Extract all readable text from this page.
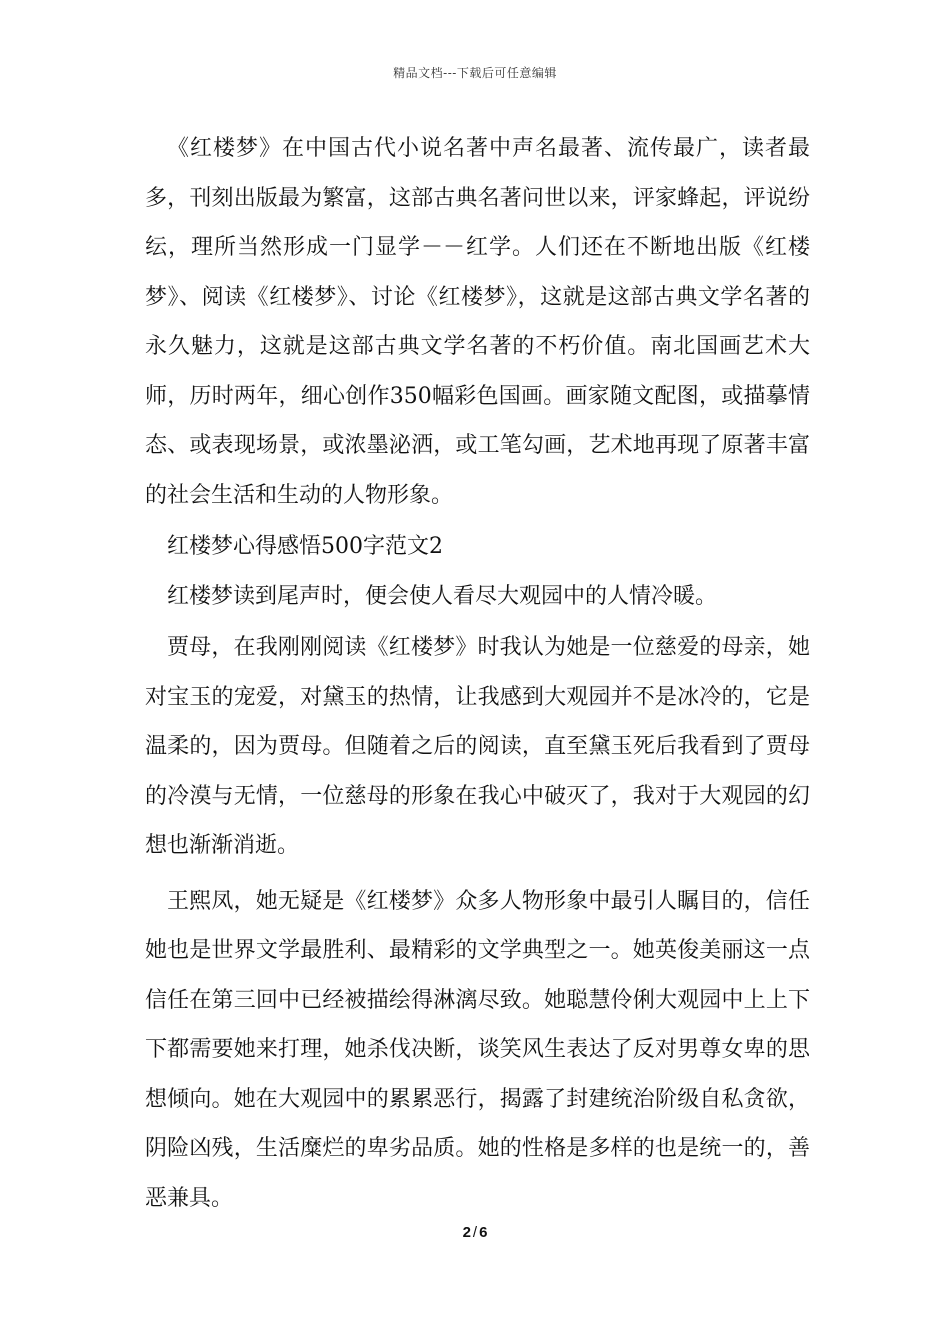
精品文档---下载后可任意编辑

《红楼梦》在中国古代小说名著中声名最著、流传最广，读者最多，刊刻出版最为繁富，这部古典名著问世以来，评家蜂起，评说纷纭，理所当然形成一门显学－－红学。人们还在不断地出版《红楼梦》、阅读《红楼梦》、讨论《红楼梦》，这就是这部古典文学名著的永久魅力，这就是这部古典文学名著的不朽价值。南北国画艺术大师，历时两年，细心创作350幅彩色国画。画家随文配图，或描摹情态、或表现场景，或浓墨泌洒，或工笔勾画，艺术地再现了原著丰富的社会生活和生动的人物形象。

红楼梦心得感悟500字范文2

红楼梦读到尾声时，便会使人看尽大观园中的人情冷暖。

贾母，在我刚刚阅读《红楼梦》时我认为她是一位慈爱的母亲，她对宝玉的宠爱，对黛玉的热情，让我感到大观园并不是冰冷的，它是温柔的，因为贾母。但随着之后的阅读，直至黛玉死后我看到了贾母的冷漠与无情，一位慈母的形象在我心中破灭了，我对于大观园的幻想也渐渐消逝。

王熙凤，她无疑是《红楼梦》众多人物形象中最引人瞩目的，信任她也是世界文学最胜利、最精彩的文学典型之一。她英俊美丽这一点信任在第三回中已经被描绘得淋漓尽致。她聪慧伶俐大观园中上上下下都需要她来打理，她杀伐决断，谈笑风生表达了反对男尊女卑的思想倾向。她在大观园中的累累恶行，揭露了封建统治阶级自私贪欲，阴险凶残，生活糜烂的卑劣品质。她的性格是多样的也是统一的，善恶兼具。

2 / 6
